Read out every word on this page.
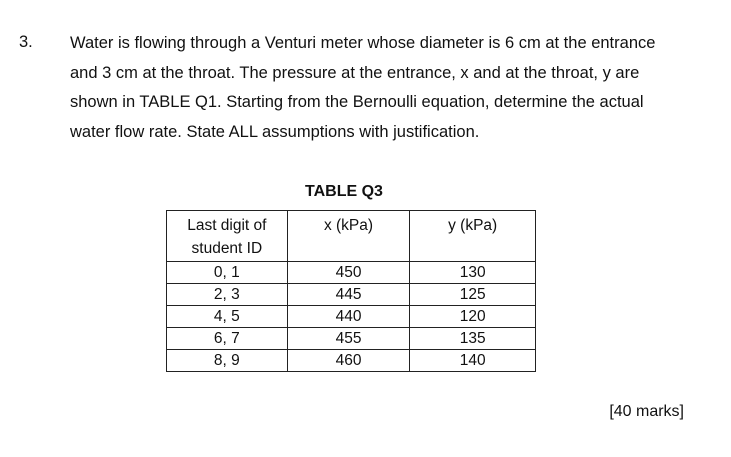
3. Water is flowing through a Venturi meter whose diameter is 6 cm at the entrance

and 3 cm at the throat. The pressure at the entrance, x and at the throat, y are

shown in TABLE Q1. Starting from the Bernoulli equation, determine the actual

water flow rate. State ALL assumptions with justification.

TABLE Q3
Last digit of student ID	x (kPa)	y (kPa)
0, 1	450	130
2, 3	445	125
4, 5	440	120
6, 7	455	135
8, 9	460	140
[40 marks]
